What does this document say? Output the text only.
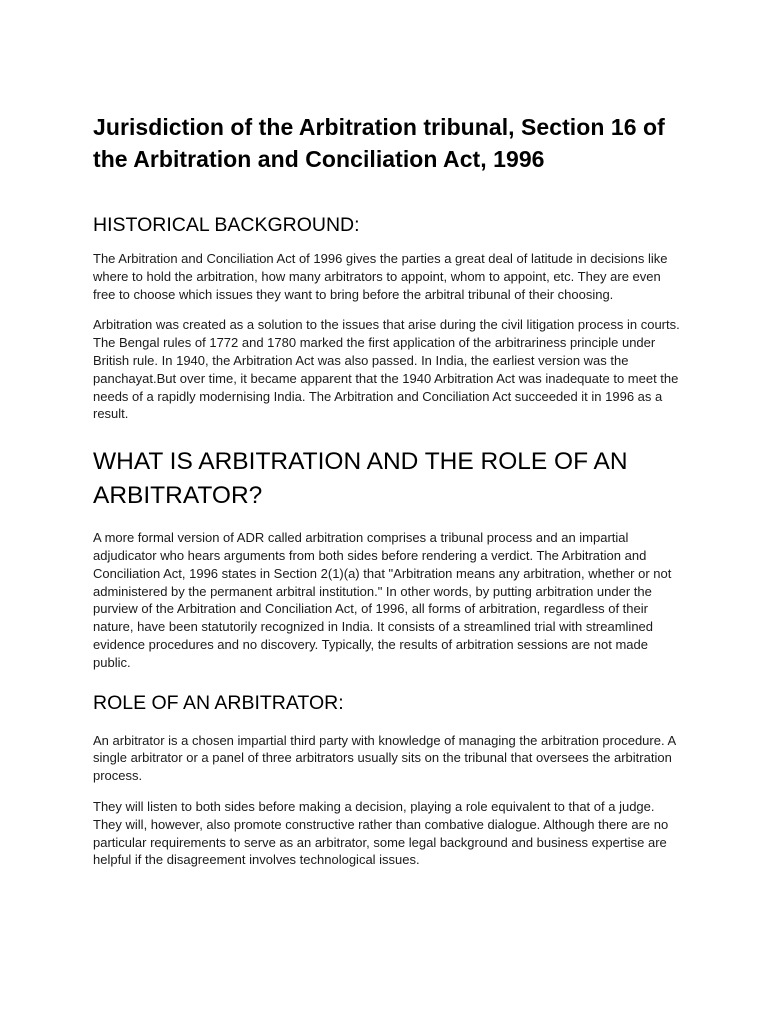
Jurisdiction of the Arbitration tribunal, Section 16 of the Arbitration and Conciliation Act, 1996
HISTORICAL BACKGROUND:

The Arbitration and Conciliation Act of 1996 gives the parties a great deal of latitude in decisions like where to hold the arbitration, how many arbitrators to appoint, whom to appoint, etc. They are even free to choose which issues they want to bring before the arbitral tribunal of their choosing.

Arbitration was created as a solution to the issues that arise during the civil litigation process in courts. The Bengal rules of 1772 and 1780 marked the first application of the arbitrariness principle under British rule. In 1940, the Arbitration Act was also passed. In India, the earliest version was the panchayat.But over time, it became apparent that the 1940 Arbitration Act was inadequate to meet the needs of a rapidly modernising India. The Arbitration and Conciliation Act succeeded it in 1996 as a result.

WHAT IS ARBITRATION AND THE ROLE OF AN ARBITRATOR?

A more formal version of ADR called arbitration comprises a tribunal process and an impartial adjudicator who hears arguments from both sides before rendering a verdict. The Arbitration and Conciliation Act, 1996 states in Section 2(1)(a) that "Arbitration means any arbitration, whether or not administered by the permanent arbitral institution." In other words, by putting arbitration under the purview of the Arbitration and Conciliation Act, of 1996, all forms of arbitration, regardless of their nature, have been statutorily recognized in India. It consists of a streamlined trial with streamlined evidence procedures and no discovery. Typically, the results of arbitration sessions are not made public.

ROLE OF AN ARBITRATOR:

An arbitrator is a chosen impartial third party with knowledge of managing the arbitration procedure. A single arbitrator or a panel of three arbitrators usually sits on the tribunal that oversees the arbitration process.

They will listen to both sides before making a decision, playing a role equivalent to that of a judge. They will, however, also promote constructive rather than combative dialogue. Although there are no particular requirements to serve as an arbitrator, some legal background and business expertise are helpful if the disagreement involves technological issues.
